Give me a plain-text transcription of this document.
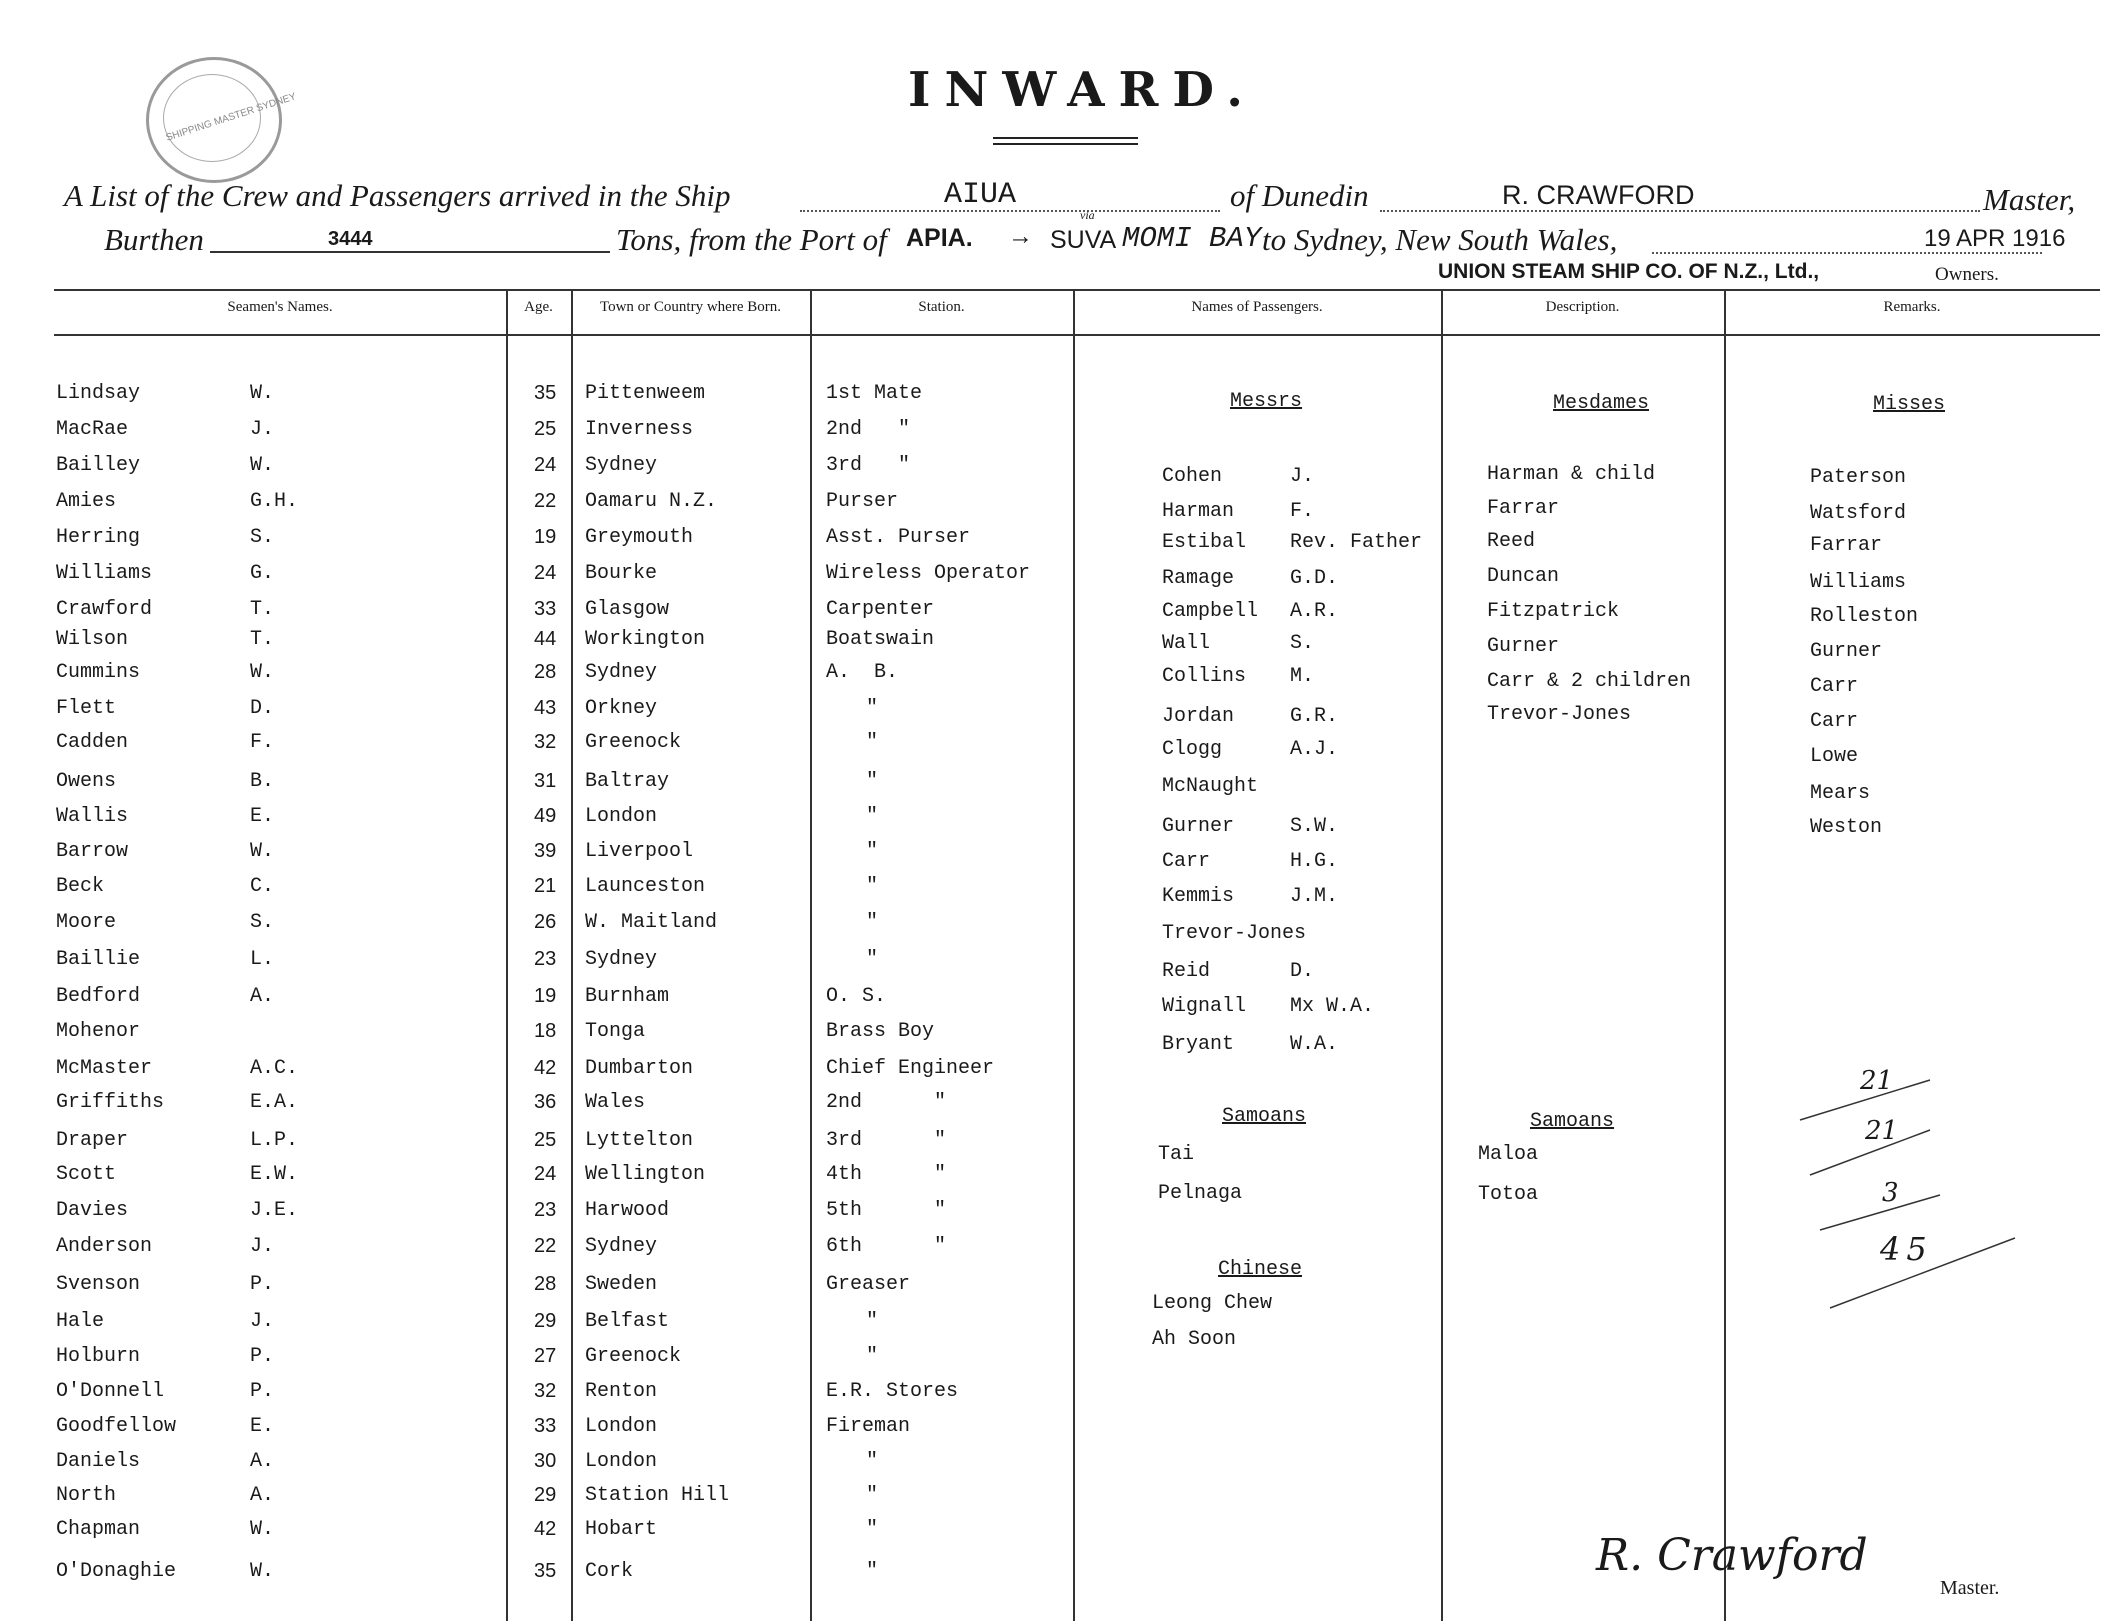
SHIPPING MASTER SYDNEY	INWARD.
A List of the Crew and Passengers arrived in the Ship	AIUA	of Dunedin	R. CRAWFORD	Master,
Burthen	3444	Tons, from the Port of APIA. →
via
SUVA MOMI BAY to Sydney, New South Wales,	19 APR 1916
UNION STEAM SHIP CO. OF N.Z., Ltd.,	Owners.
Seamen's Names.	Age.	Town or Country where Born.	Station.	Names of Passengers.	Description.	Remarks.
Lindsay	W.	35 Pittenweem	1st Mate
MacRae	J.	25 Inverness	2nd   "
Bailley	W.	24 Sydney	3rd   "
Amies	G.H.	22 Oamaru N.Z.	Purser
Herring	S.	19 Greymouth	Asst. Purser
Williams	G.	24 Bourke	Wireless Operator
Crawford	T.	33 Glasgow	Carpenter
Wilson	T.	44 Workington	Boatswain
Cummins	W.	28 Sydney	A.  B.
Flett	D.	43 Orkney	"
Cadden	F.	32 Greenock	"
Owens	B.	31 Baltray	"
Wallis	E.	49 London	"
Barrow	W.	39 Liverpool	"
Beck	C.	21 Launceston	"
Moore	S.	26 W. Maitland	"
Baillie	L.	23 Sydney	"
Bedford	A.	19 Burnham	O. S.
Mohenor	18 Tonga	Brass Boy
McMaster	A.C.	42 Dumbarton	Chief Engineer
Griffiths	E.A.	36 Wales	2nd      "
Draper	L.P.	25 Lyttelton	3rd      "
Scott	E.W.	24 Wellington	4th      "
Davies	J.E.	23 Harwood	5th      "
Anderson	J.	22 Sydney	6th      "
Svenson	P.	28 Sweden	Greaser
Hale	J.	29 Belfast	"
Holburn	P.	27 Greenock	"
O'Donnell	P.	32 Renton	E.R. Stores
Goodfellow	E.	33 London	Fireman
Daniels	A.	30 London	"
North	A.	29 Station Hill	"
Chapman	W.	42 Hobart	"
O'Donaghie	W.	35 Cork	"
Messrs
Cohen	J.
Harman	F.
Estibal Rev. Father
Ramage	G.D.
Campbell A.R.
Wall	S.
Collins M.
Jordan	G.R.
Clogg	A.J.
McNaught
Gurner	S.W.
Carr	H.G.
Kemmis	J.M.
Trevor-Jones
Reid	D.
Wignall Mx W.A.
Bryant	W.A.
Samoans
Tai
Pelnaga
Chinese
Leong Chew
Ah Soon
Mesdames
Harman & child
Farrar
Reed
Duncan
Fitzpatrick
Gurner
Carr & 2 children
Trevor-Jones
Samoans
Maloa
Totoa
Misses
Paterson
Watsford
Farrar
Williams
Rolleston
Gurner
Carr
Carr
Lowe
Mears
Weston
21
21
3
45
R. Crawford
Master.
